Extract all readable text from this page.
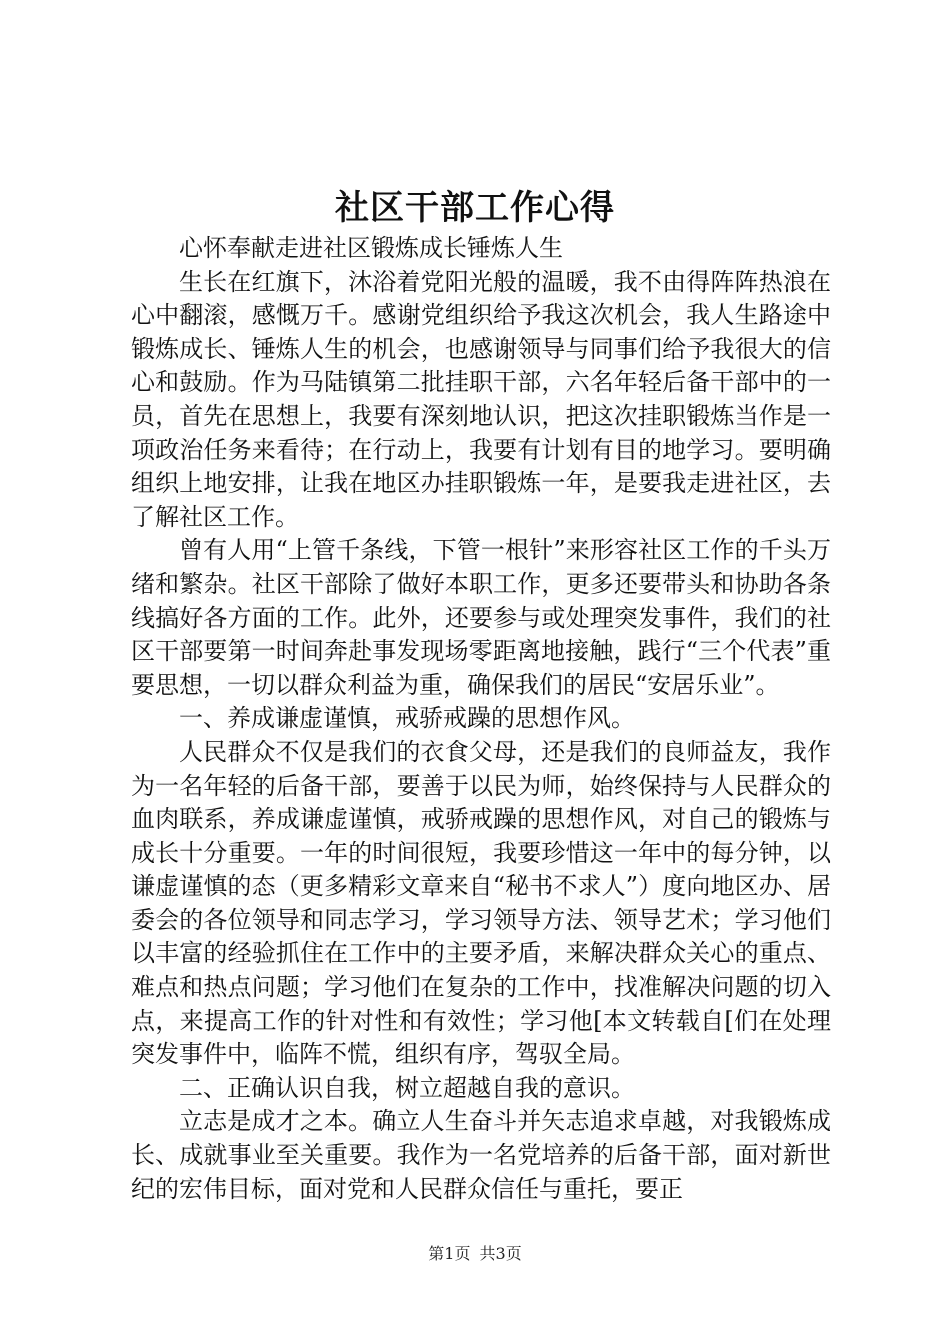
社区干部工作心得

心怀奉献走进社区锻炼成长锤炼人生

生长在红旗下，沐浴着党阳光般的温暖，我不由得阵阵热浪在心中翻滚，感慨万千。感谢党组织给予我这次机会，我人生路途中锻炼成长、锤炼人生的机会，也感谢领导与同事们给予我很大的信心和鼓励。作为马陆镇第二批挂职干部，六名年轻后备干部中的一员，首先在思想上，我要有深刻地认识，把这次挂职锻炼当作是一项政治任务来看待；在行动上，我要有计划有目的地学习。要明确组织上地安排，让我在地区办挂职锻炼一年，是要我走进社区，去了解社区工作。

曾有人用“上管千条线，下管一根针”来形容社区工作的千头万绪和繁杂。社区干部除了做好本职工作，更多还要带头和协助各条线搞好各方面的工作。此外，还要参与或处理突发事件，我们的社区干部要第一时间奔赴事发现场零距离地接触，践行“三个代表”重要思想，一切以群众利益为重，确保我们的居民“安居乐业”。

一、养成谦虚谨慎，戒骄戒躁的思想作风。

人民群众不仅是我们的衣食父母，还是我们的良师益友，我作为一名年轻的后备干部，要善于以民为师，始终保持与人民群众的血肉联系，养成谦虚谨慎，戒骄戒躁的思想作风，对自己的锻炼与成长十分重要。一年的时间很短，我要珍惜这一年中的每分钟，以谦虚谨慎的态（更多精彩文章来自“秘书不求人”）度向地区办、居委会的各位领导和同志学习，学习领导方法、领导艺术；学习他们以丰富的经验抓住在工作中的主要矛盾，来解决群众关心的重点、难点和热点问题；学习他们在复杂的工作中，找准解决问题的切入点，来提高工作的针对性和有效性；学习他[本文转载自[们在处理突发事件中，临阵不慌，组织有序，驾驭全局。

二、正确认识自我，树立超越自我的意识。

立志是成才之本。确立人生奋斗并矢志追求卓越，对我锻炼成长、成就事业至关重要。我作为一名党培养的后备干部，面对新世纪的宏伟目标，面对党和人民群众信任与重托，要正

第1页 共3页
